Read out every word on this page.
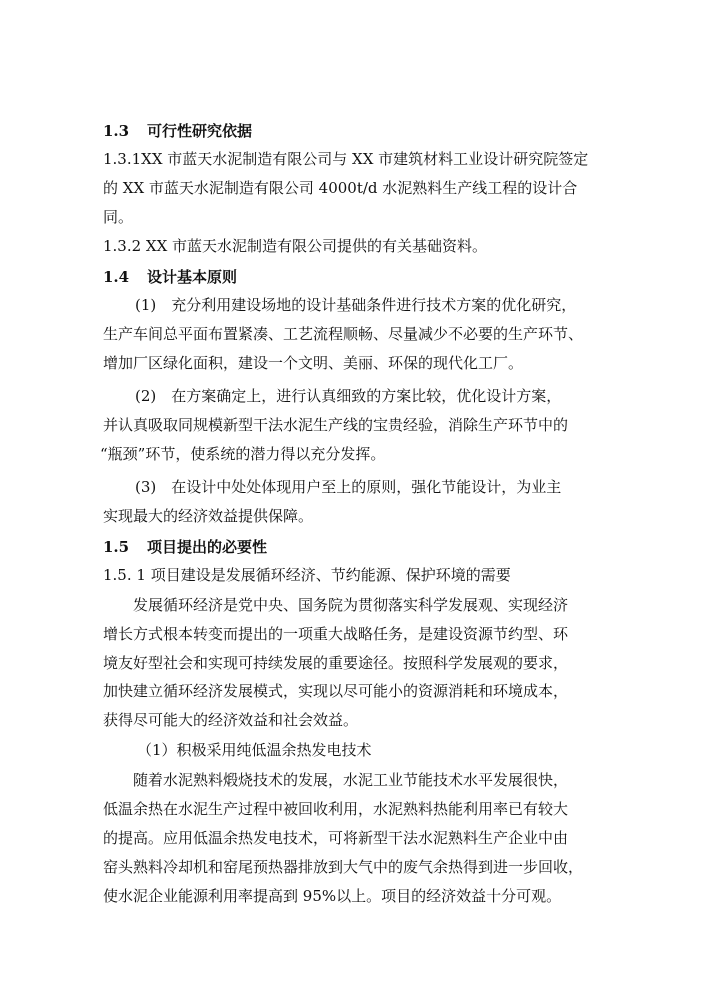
1.3 可行性研究依据
1.3.1XX 市蓝天水泥制造有限公司与 XX 市建筑材料工业设计研究院签定
的 XX 市蓝天水泥制造有限公司 4000t/d 水泥熟料生产线工程的设计合
同。
1.3.2 XX 市蓝天水泥制造有限公司提供的有关基础资料。
1.4 设计基本原则
(1)　充分利用建设场地的设计基础条件进行技术方案的优化研究，
生产车间总平面布置紧凑、工艺流程顺畅、尽量减少不必要的生产环节、
增加厂区绿化面积，建设一个文明、美丽、环保的现代化工厂。
(2)　在方案确定上，进行认真细致的方案比较，优化设计方案，
并认真吸取同规模新型干法水泥生产线的宝贵经验，消除生产环节中的
“瓶颈”环节，使系统的潜力得以充分发挥。
(3)　在设计中处处体现用户至上的原则，强化节能设计，为业主
实现最大的经济效益提供保障。
1.5 项目提出的必要性
1.5. 1 项目建设是发展循环经济、节约能源、保护环境的需要
发展循环经济是党中央、国务院为贯彻落实科学发展观、实现经济
增长方式根本转变而提出的一项重大战略任务，是建设资源节约型、环
境友好型社会和实现可持续发展的重要途径。按照科学发展观的要求，
加快建立循环经济发展模式，实现以尽可能小的资源消耗和环境成本，
获得尽可能大的经济效益和社会效益。
（1）积极采用纯低温余热发电技术
随着水泥熟料煅烧技术的发展，水泥工业节能技术水平发展很快，
低温余热在水泥生产过程中被回收利用，水泥熟料热能利用率已有较大
的提高。应用低温余热发电技术，可将新型干法水泥熟料生产企业中由
窑头熟料冷却机和窑尾预热器排放到大气中的废气余热得到进一步回收，
使水泥企业能源利用率提高到 95%以上。项目的经济效益十分可观。
